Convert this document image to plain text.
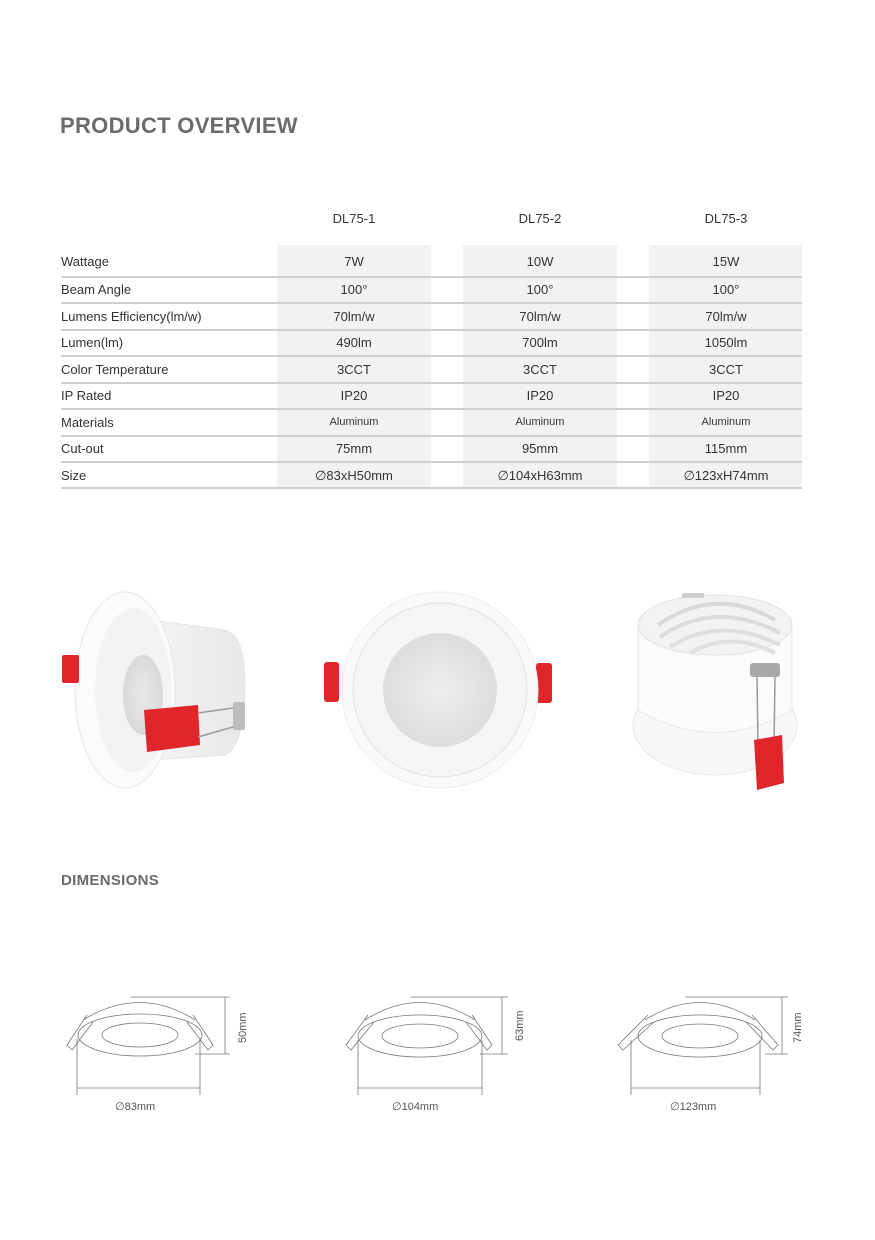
PRODUCT OVERVIEW
DL75-1	DL75-2	DL75-3
Wattage	7W	10W	15W
Beam Angle	100°	100°	100°
Lumens Efficiency(lm/w)	70lm/w	70lm/w	70lm/w
Lumen(lm)	490lm	700lm	1050lm
Color Temperature	3CCT	3CCT	3CCT
IP Rated	IP20	IP20	IP20
Materials	Aluminum	Aluminum	Aluminum
Cut-out	75mm	95mm	115mm
Size	∅83xH50mm	∅104xH63mm	∅123xH74mm
DIMENSIONS
∅83mm
50mm
∅104mm
63mm
∅123mm
74mm
